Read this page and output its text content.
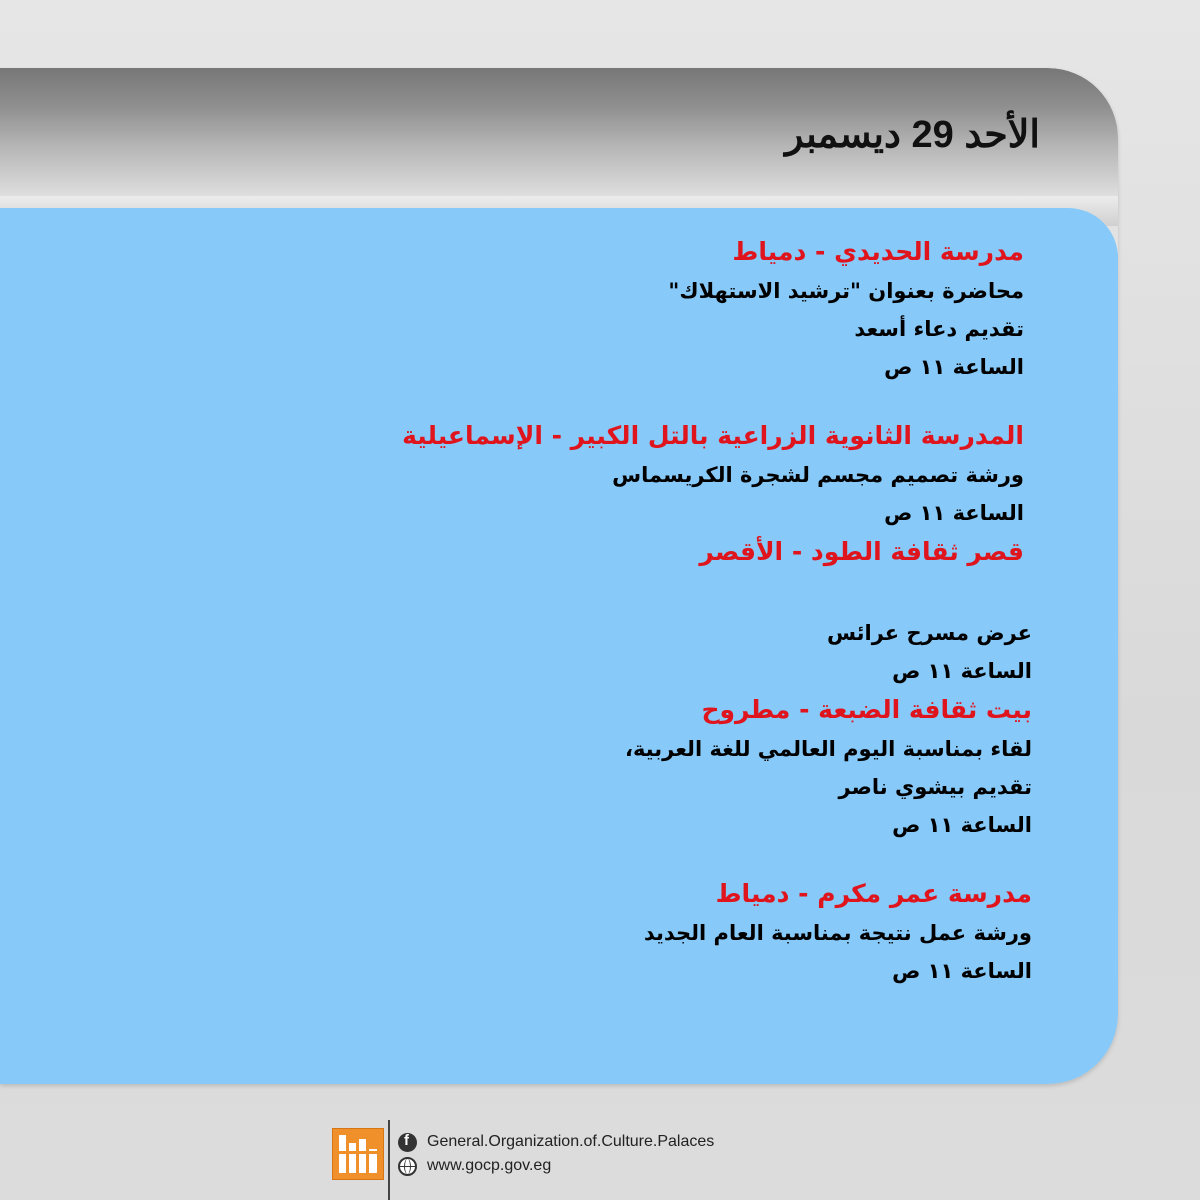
الأحد 29 ديسمبر
مدرسة الحديدي - دمياط
محاضرة بعنوان "ترشيد الاستهلاك"
تقديم دعاء أسعد
الساعة ١١ ص
المدرسة الثانوية الزراعية بالتل الكبير - الإسماعيلية
ورشة تصميم مجسم لشجرة الكريسماس
الساعة ١١ ص
قصر ثقافة الطود - الأقصر
عرض مسرح عرائس
الساعة ١١ ص
بيت ثقافة الضبعة - مطروح
لقاء بمناسبة اليوم العالمي للغة العربية،
تقديم بيشوي ناصر
الساعة ١١ ص
مدرسة عمر مكرم - دمياط
ورشة عمل نتيجة بمناسبة العام الجديد
الساعة ١١ ص
f
General.Organization.of.Culture.Palaces
www.gocp.gov.eg
